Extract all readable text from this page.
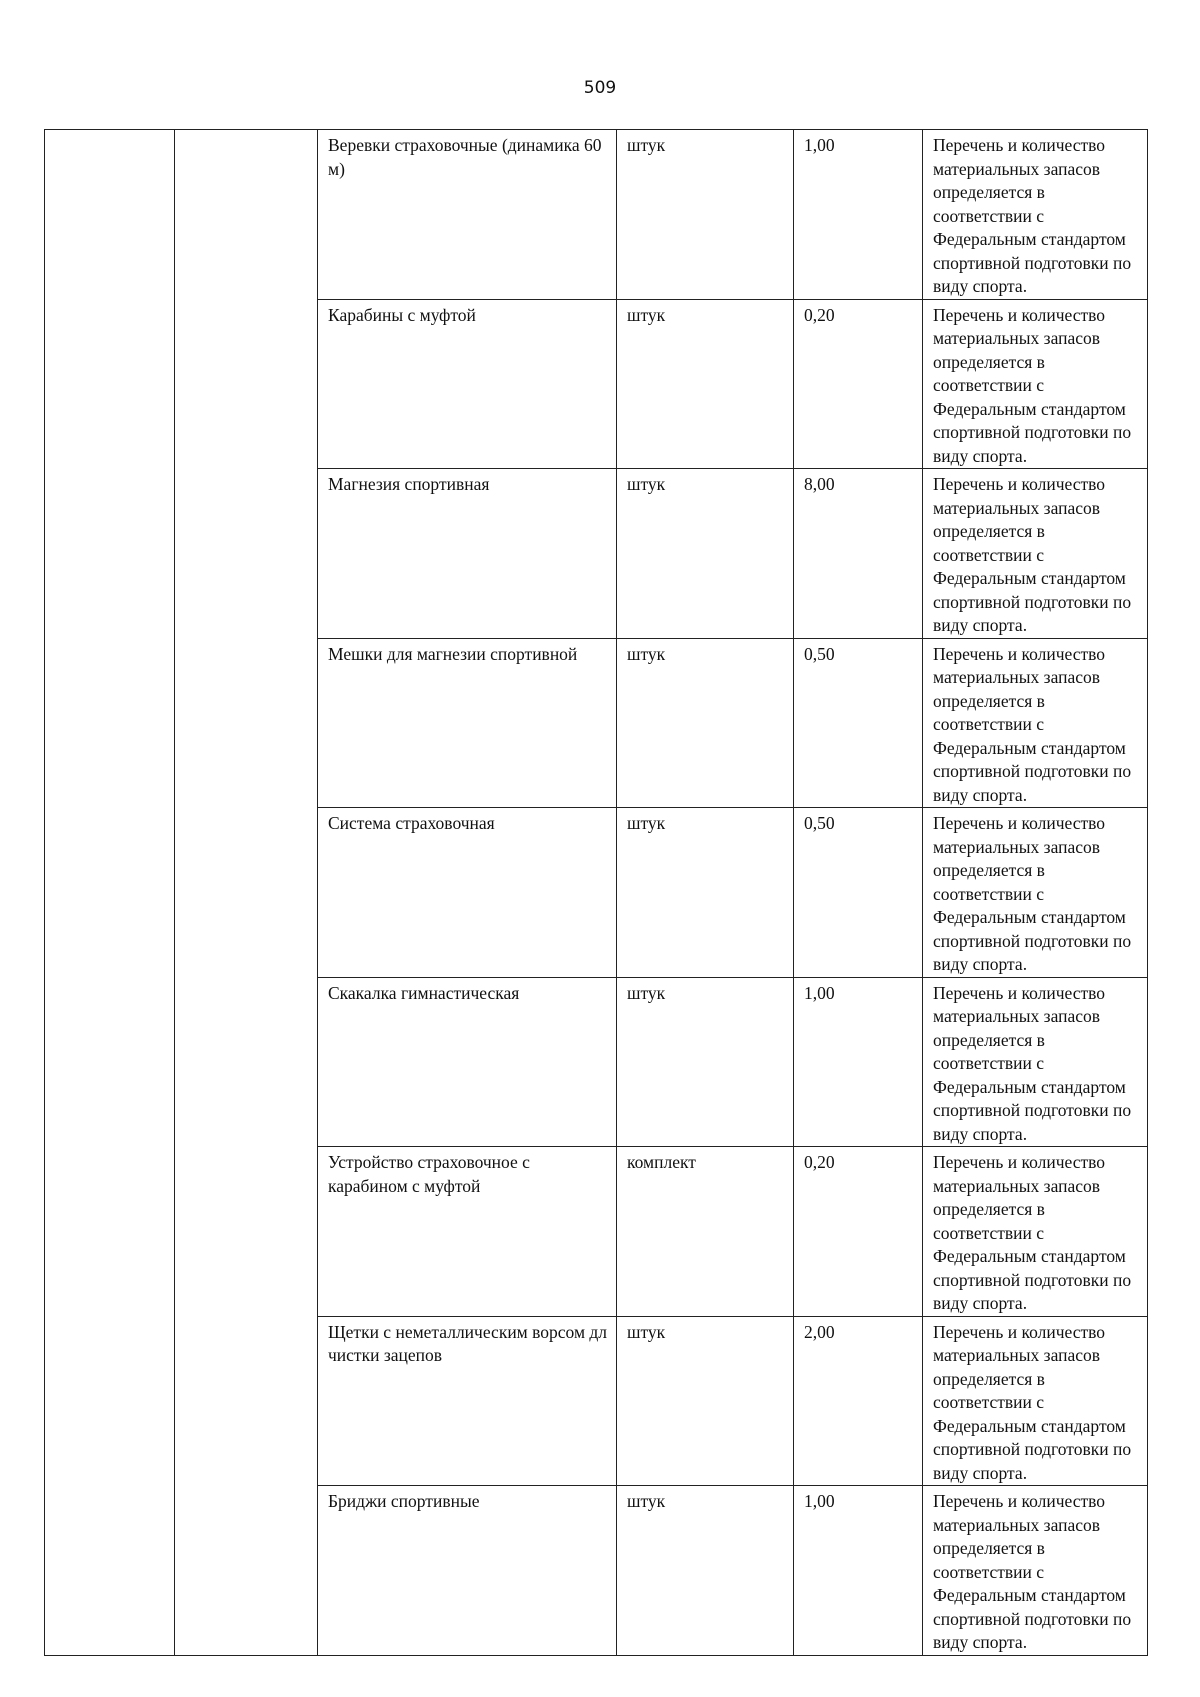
509
		Веревки страховочные (динамика 60 м)	штук	1,00	Перечень и количество материальных запасов определяется в соответствии с Федеральным стандартом спортивной подготовки по виду спорта.
		Карабины с муфтой	штук	0,20	Перечень и количество материальных запасов определяется в соответствии с Федеральным стандартом спортивной подготовки по виду спорта.
		Магнезия спортивная	штук	8,00	Перечень и количество материальных запасов определяется в соответствии с Федеральным стандартом спортивной подготовки по виду спорта.
		Мешки для магнезии спортивной	штук	0,50	Перечень и количество материальных запасов определяется в соответствии с Федеральным стандартом спортивной подготовки по виду спорта.
		Система страховочная	штук	0,50	Перечень и количество материальных запасов определяется в соответствии с Федеральным стандартом спортивной подготовки по виду спорта.
		Скакалка гимнастическая	штук	1,00	Перечень и количество материальных запасов определяется в соответствии с Федеральным стандартом спортивной подготовки по виду спорта.
		Устройство страховочное с карабином с муфтой	комплект	0,20	Перечень и количество материальных запасов определяется в соответствии с Федеральным стандартом спортивной подготовки по виду спорта.
		Щетки с неметаллическим ворсом дл чистки зацепов	штук	2,00	Перечень и количество материальных запасов определяется в соответствии с Федеральным стандартом спортивной подготовки по виду спорта.
		Бриджи спортивные	штук	1,00	Перечень и количество материальных запасов определяется в соответствии с Федеральным стандартом спортивной подготовки по виду спорта.
